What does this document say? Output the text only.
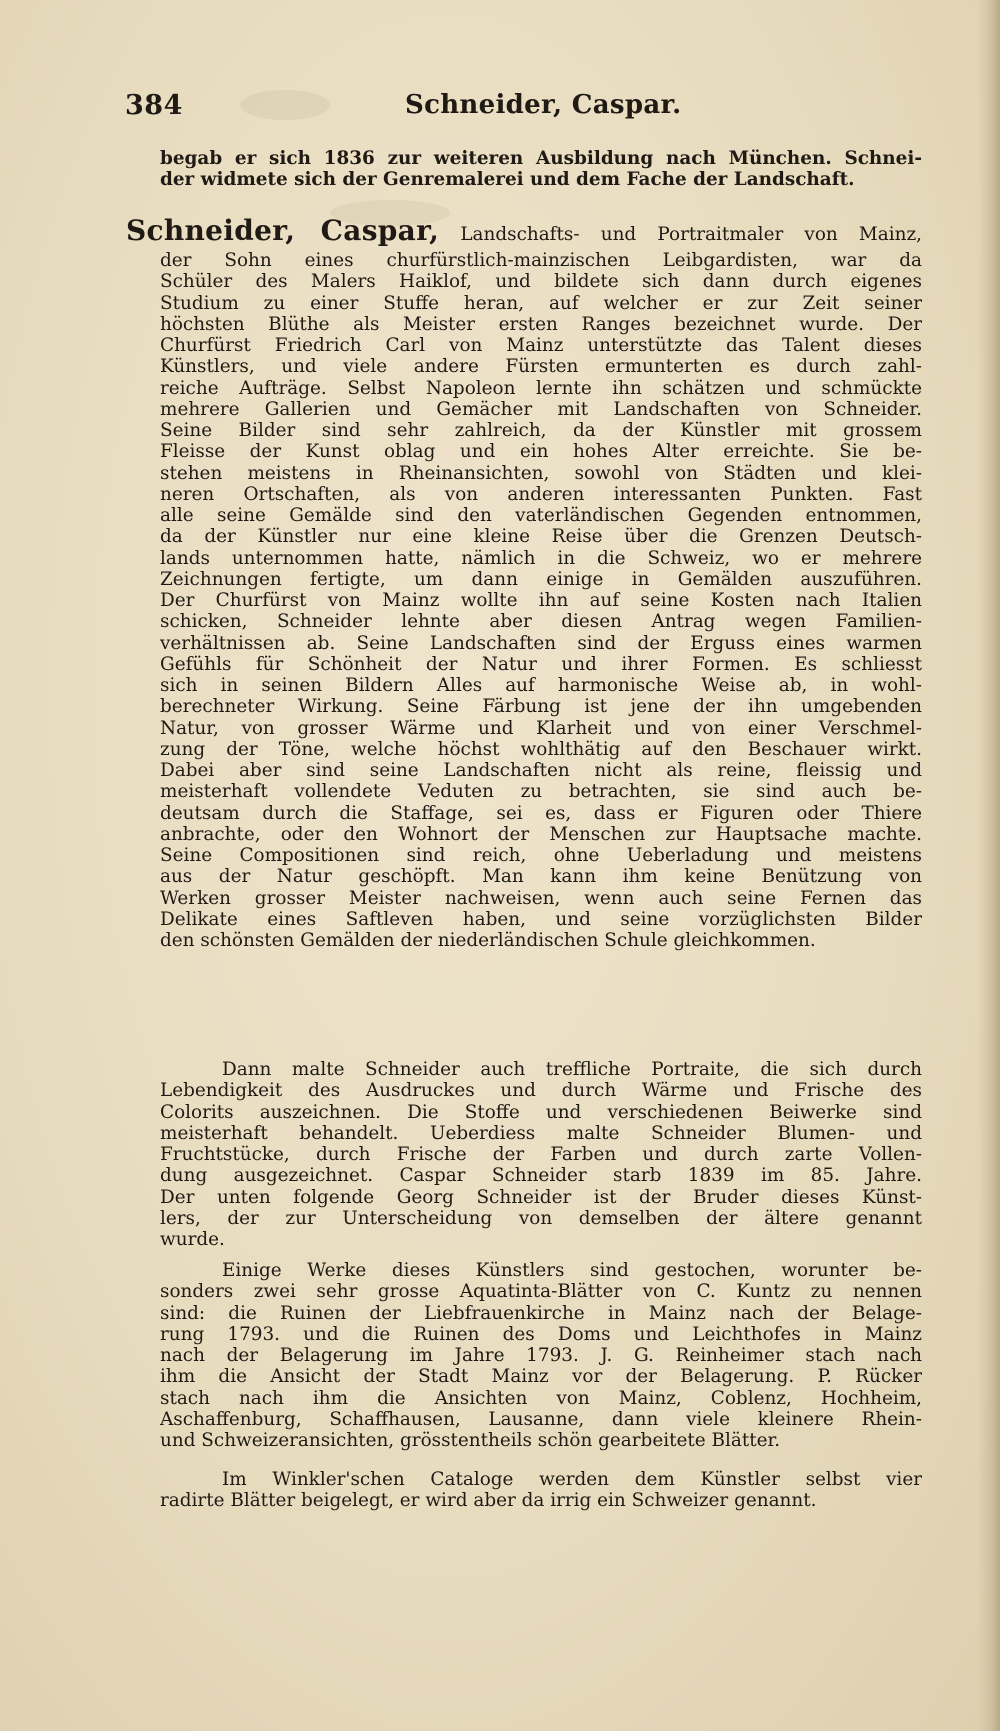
384	Schneider, Caspar.
begab er sich 1836 zur weiteren Ausbildung nach München. Schnei-
der widmete sich der Genremalerei und dem Fache der Landschaft.
Schneider, Caspar, Landschafts- und Portraitmaler von Mainz,
der Sohn eines churfürstlich-mainzischen Leibgardisten, war da
Schüler des Malers Haiklof, und bildete sich dann durch eigenes
Studium zu einer Stuffe heran, auf welcher er zur Zeit seiner
höchsten Blüthe als Meister ersten Ranges bezeichnet wurde. Der
Churfürst Friedrich Carl von Mainz unterstützte das Talent dieses
Künstlers, und viele andere Fürsten ermunterten es durch zahl-
reiche Aufträge. Selbst Napoleon lernte ihn schätzen und schmückte
mehrere Gallerien und Gemächer mit Landschaften von Schneider.
Seine Bilder sind sehr zahlreich, da der Künstler mit grossem
Fleisse der Kunst oblag und ein hohes Alter erreichte. Sie be-
stehen meistens in Rheinansichten, sowohl von Städten und klei-
neren Ortschaften, als von anderen interessanten Punkten. Fast
alle seine Gemälde sind den vaterländischen Gegenden entnommen,
da der Künstler nur eine kleine Reise über die Grenzen Deutsch-
lands unternommen hatte, nämlich in die Schweiz, wo er mehrere
Zeichnungen fertigte, um dann einige in Gemälden auszuführen.
Der Churfürst von Mainz wollte ihn auf seine Kosten nach Italien
schicken, Schneider lehnte aber diesen Antrag wegen Familien-
verhältnissen ab. Seine Landschaften sind der Erguss eines warmen
Gefühls für Schönheit der Natur und ihrer Formen. Es schliesst
sich in seinen Bildern Alles auf harmonische Weise ab, in wohl-
berechneter Wirkung. Seine Färbung ist jene der ihn umgebenden
Natur, von grosser Wärme und Klarheit und von einer Verschmel-
zung der Töne, welche höchst wohlthätig auf den Beschauer wirkt.
Dabei aber sind seine Landschaften nicht als reine, fleissig und
meisterhaft vollendete Veduten zu betrachten, sie sind auch be-
deutsam durch die Staffage, sei es, dass er Figuren oder Thiere
anbrachte, oder den Wohnort der Menschen zur Hauptsache machte.
Seine Compositionen sind reich, ohne Ueberladung und meistens
aus der Natur geschöpft. Man kann ihm keine Benützung von
Werken grosser Meister nachweisen, wenn auch seine Fernen das
Delikate eines Saftleven haben, und seine vorzüglichsten Bilder
den schönsten Gemälden der niederländischen Schule gleichkommen.
Dann malte Schneider auch treffliche Portraite, die sich durch
Lebendigkeit des Ausdruckes und durch Wärme und Frische des
Colorits auszeichnen. Die Stoffe und verschiedenen Beiwerke sind
meisterhaft behandelt. Ueberdiess malte Schneider Blumen- und
Fruchtstücke, durch Frische der Farben und durch zarte Vollen-
dung ausgezeichnet. Caspar Schneider starb 1839 im 85. Jahre.
Der unten folgende Georg Schneider ist der Bruder dieses Künst-
lers, der zur Unterscheidung von demselben der ältere genannt
wurde.
Einige Werke dieses Künstlers sind gestochen, worunter be-
sonders zwei sehr grosse Aquatinta-Blätter von C. Kuntz zu nennen
sind: die Ruinen der Liebfrauenkirche in Mainz nach der Belage-
rung 1793. und die Ruinen des Doms und Leichthofes in Mainz
nach der Belagerung im Jahre 1793. J. G. Reinheimer stach nach
ihm die Ansicht der Stadt Mainz vor der Belagerung. P. Rücker
stach nach ihm die Ansichten von Mainz, Coblenz, Hochheim,
Aschaffenburg, Schaffhausen, Lausanne, dann viele kleinere Rhein-
und Schweizeransichten, grösstentheils schön gearbeitete Blätter.
Im Winkler'schen Cataloge werden dem Künstler selbst vier
radirte Blätter beigelegt, er wird aber da irrig ein Schweizer genannt.
